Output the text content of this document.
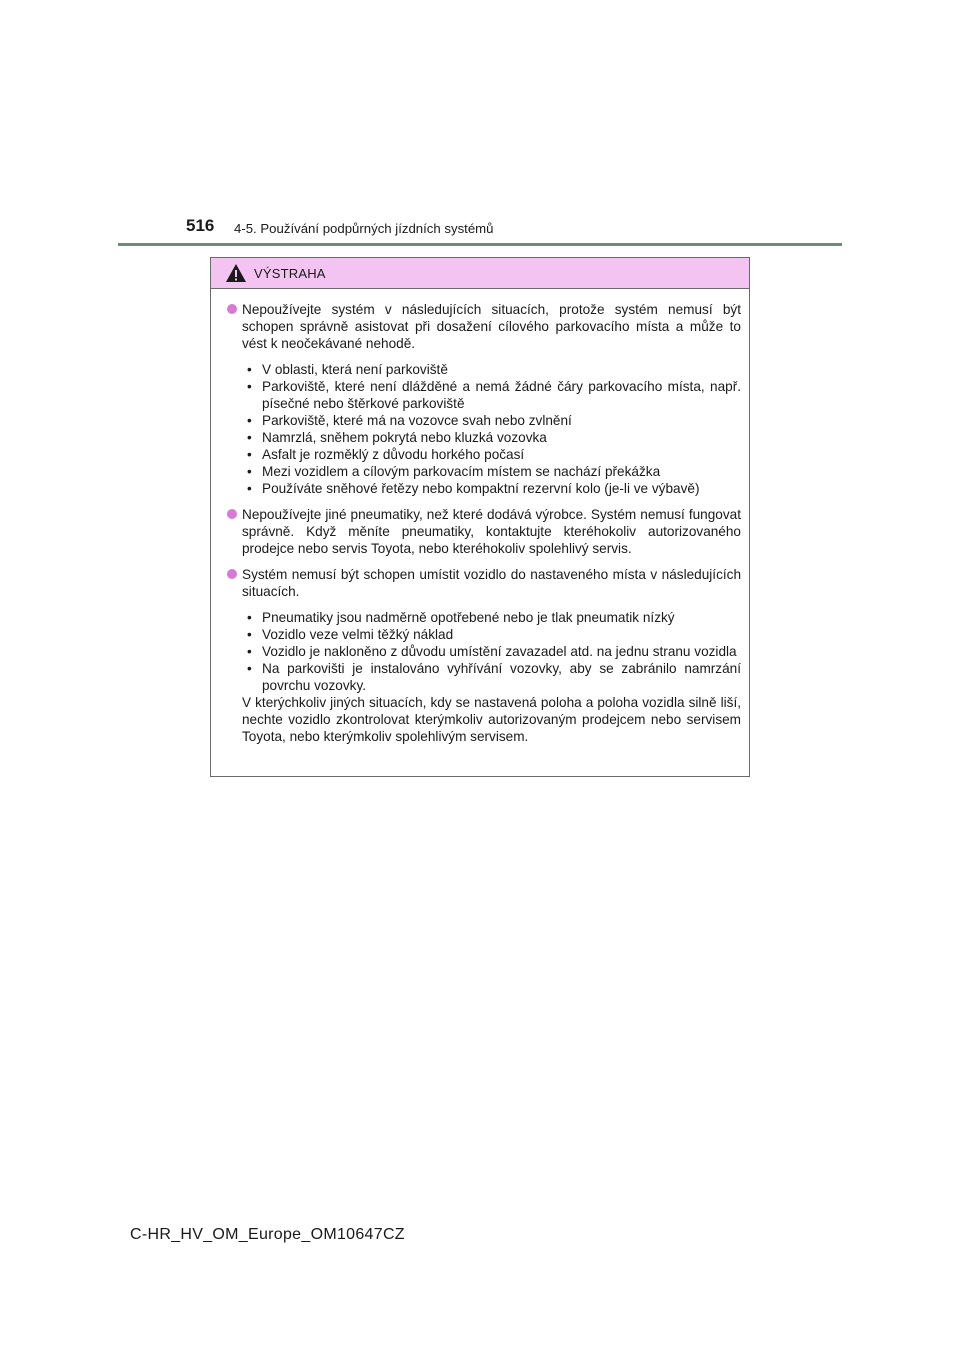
516 4-5. Používání podpůrných jízdních systémů
VÝSTRAHA
Nepoužívejte systém v následujících situacích, protože systém nemusí být schopen správně asistovat při dosažení cílového parkovacího místa a může to vést k neočekávané nehodě.
• V oblasti, která není parkoviště
• Parkoviště, které není dlážděné a nemá žádné čáry parkovacího místa, např. písečné nebo štěrkové parkoviště
• Parkoviště, které má na vozovce svah nebo zvlnění
• Namrzlá, sněhem pokrytá nebo kluzká vozovka
• Asfalt je rozměklý z důvodu horkého počasí
• Mezi vozidlem a cílovým parkovacím místem se nachází překážka
• Používáte sněhové řetězy nebo kompaktní rezervní kolo (je-li ve výbavě)
Nepoužívejte jiné pneumatiky, než které dodává výrobce. Systém nemusí fungovat správně. Když měníte pneumatiky, kontaktujte kteréhokoliv autorizovaného prodejce nebo servis Toyota, nebo kteréhokoliv spolehlivý servis.
Systém nemusí být schopen umístit vozidlo do nastaveného místa v následujících situacích.
• Pneumatiky jsou nadměrně opotřebené nebo je tlak pneumatik nízký
• Vozidlo veze velmi těžký náklad
• Vozidlo je nakloněno z důvodu umístění zavazadel atd. na jednu stranu vozidla
• Na parkovišti je instalováno vyhřívání vozovky, aby se zabránilo namrzání povrchu vozovky.
V kterýchkoliv jiných situacích, kdy se nastavená poloha a poloha vozidla silně liší, nechte vozidlo zkontrolovat kterýmkoliv autorizovaným prodejcem nebo servisem Toyota, nebo kterýmkoliv spolehlivým servisem.
C-HR_HV_OM_Europe_OM10647CZ
